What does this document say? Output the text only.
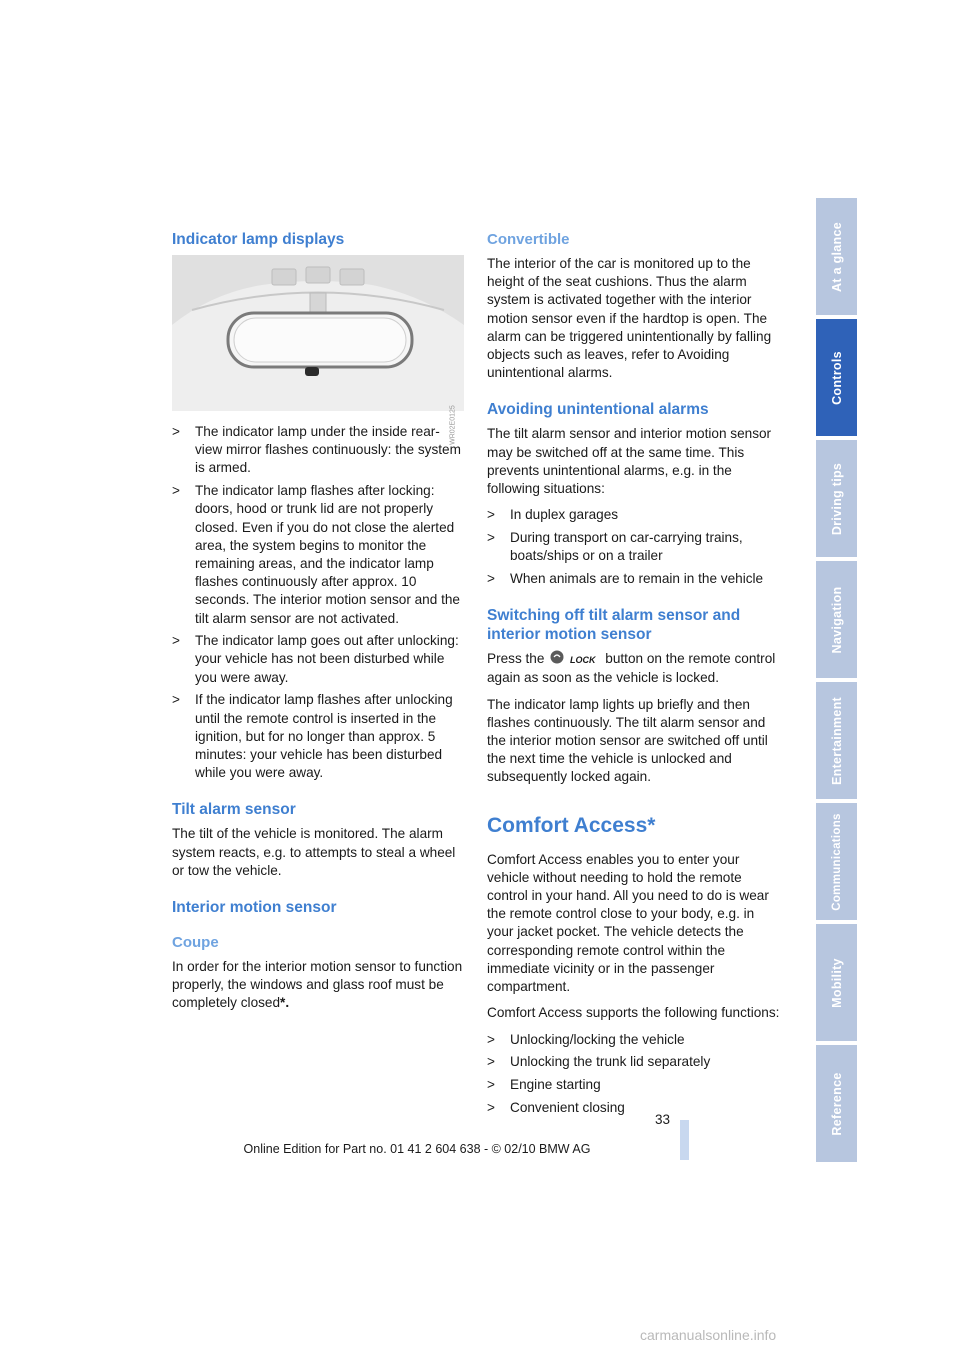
Indicator lamp displays
WR02E0125
> The indicator lamp under the inside rear-view mirror flashes continuously: the system is armed.
> The indicator lamp flashes after locking: doors, hood or trunk lid are not properly closed. Even if you do not close the alerted area, the system begins to monitor the remaining areas, and the indicator lamp flashes continuously after approx. 10 seconds. The interior motion sensor and the tilt alarm sensor are not activated.
> The indicator lamp goes out after unlocking: your vehicle has not been disturbed while you were away.
> If the indicator lamp flashes after unlocking until the remote control is inserted in the ignition, but for no longer than approx. 5 minutes: your vehicle has been disturbed while you were away.
Tilt alarm sensor

The tilt of the vehicle is monitored. The alarm system reacts, e.g. to attempts to steal a wheel or tow the vehicle.

Interior motion sensor
Coupe

In order for the interior motion sensor to function properly, the windows and glass roof must be completely closed*.

Convertible

The interior of the car is monitored up to the height of the seat cushions. Thus the alarm system is activated together with the interior motion sensor even if the hardtop is open. The alarm can be triggered unintentionally by falling objects such as leaves, refer to Avoiding unintentional alarms.

Avoiding unintentional alarms

The tilt alarm sensor and interior motion sensor may be switched off at the same time. This prevents unintentional alarms, e.g. in the following situations:

> In duplex garages
> During transport on car-carrying trains, boats/ships or on a trailer
> When animals are to remain in the vehicle
Switching off tilt alarm sensor and interior motion sensor

Press the	LOCK button on the remote control again as soon as the vehicle is locked.

The indicator lamp lights up briefly and then flashes continuously. The tilt alarm sensor and the interior motion sensor are switched off until the next time the vehicle is unlocked and subsequently locked again.

Comfort Access*

Comfort Access enables you to enter your vehicle without needing to hold the remote control in your hand. All you need to do is wear the remote control close to your body, e.g. in your jacket pocket. The vehicle detects the corresponding remote control within the immediate vicinity or in the passenger compartment.

Comfort Access supports the following functions:

> Unlocking/locking the vehicle
> Unlocking the trunk lid separately
> Engine starting
> Convenient closing
At a glance
Controls
Driving tips
Navigation
Entertainment
Communications
Mobility
Reference
33
Online Edition for Part no. 01 41 2 604 638 - © 02/10 BMW AG
carmanualsonline.info
